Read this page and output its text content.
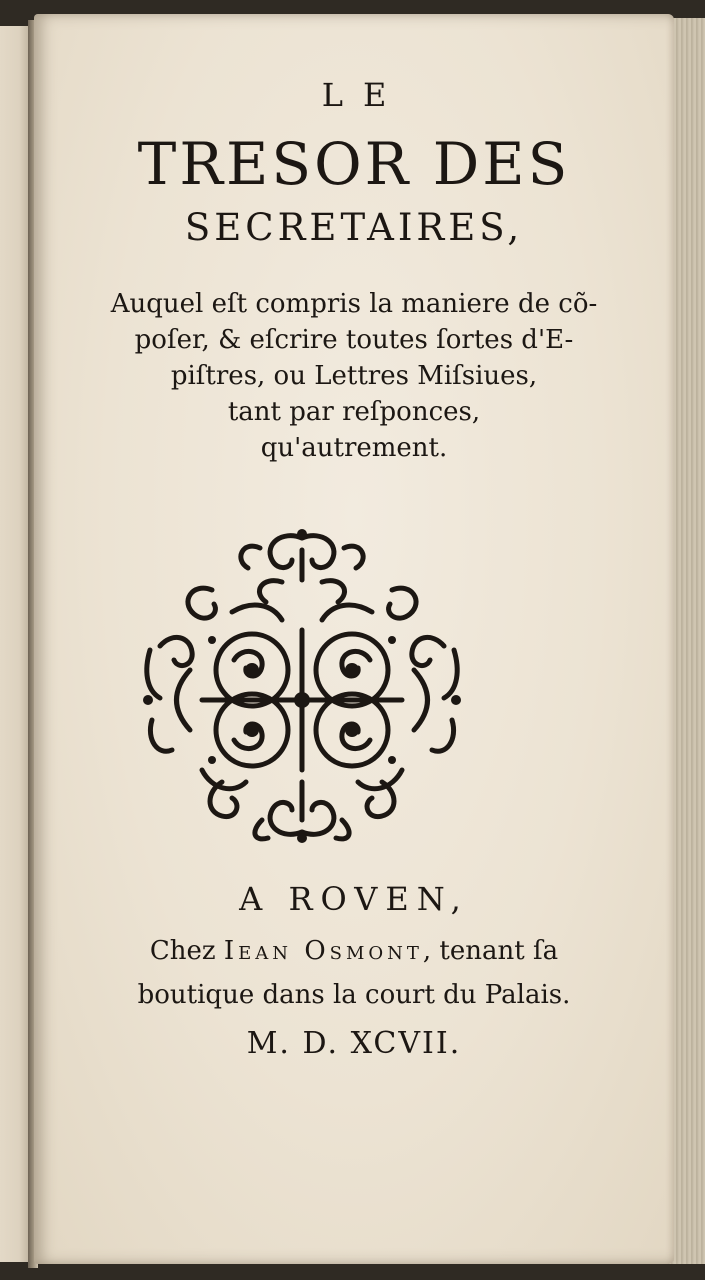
LE
TRESOR DES
SECRETAIRES,
Auquel eſt compris la maniere de cõ-
poſer, & eſcrire toutes ſortes d'E-
piſtres, ou Lettres Miſsiues,
tant par reſponces,
qu'autrement.
A ROVEN,
Chez Iean Osmont, tenant ſa
boutique dans la court du Palais.
M. D. XCVII.
